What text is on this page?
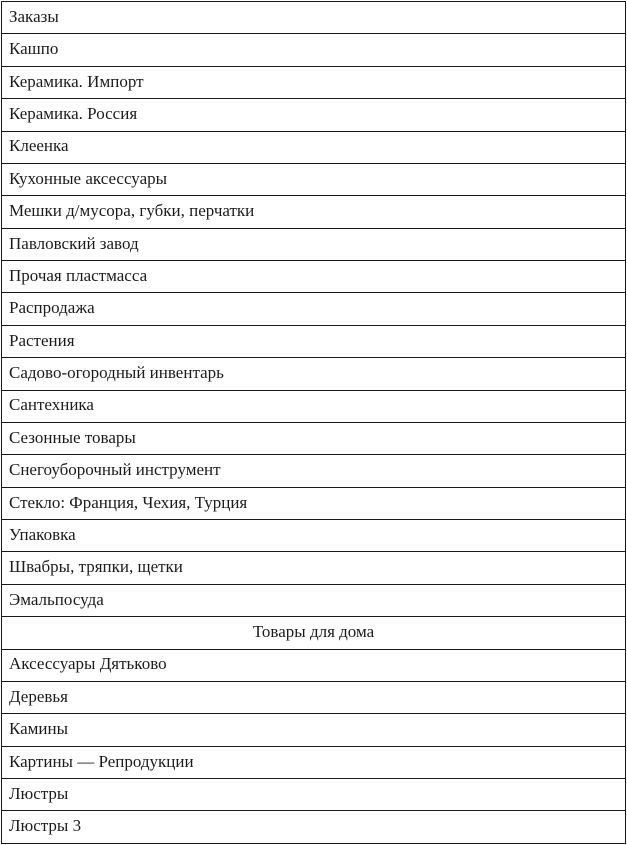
Заказы
Кашпо
Керамика. Импорт
Керамика. Россия
Клеенка
Кухонные аксессуары
Мешки д/мусора, губки, перчатки
Павловский завод
Прочая пластмасса
Распродажа
Растения
Садово-огородный инвентарь
Сантехника
Сезонные товары
Снегоуборочный инструмент
Стекло: Франция, Чехия, Турция
Упаковка
Швабры, тряпки, щетки
Эмальпосуда
Товары для дома
Аксессуары Дятьково
Деревья
Камины
Картины — Репродукции
Люстры
Люстры 3
